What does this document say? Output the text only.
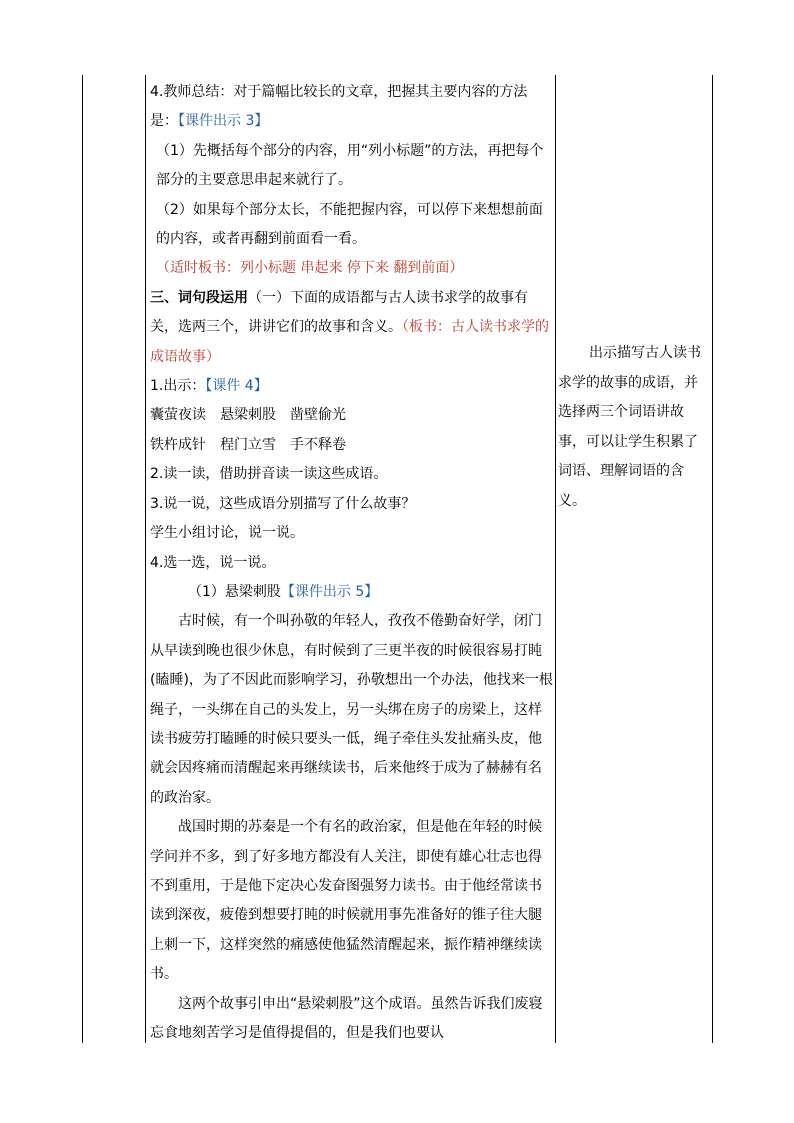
4.教师总结：对于篇幅比较长的文章，把握其主要内容的方法是：【课件出示 3】

（1）先概括每个部分的内容，用“列小标题”的方法，再把每个部分的主要意思串起来就行了。

（2）如果每个部分太长，不能把握内容，可以停下来想想前面的内容，或者再翻到前面看一看。

（适时板书：列小标题 串起来 停下来 翻到前面）

三、词句段运用（一）下面的成语都与古人读书求学的故事有关，选两三个，讲讲它们的故事和含义。（板书：古人读书求学的成语故事）

1.出示：【课件 4】

囊萤夜读　悬梁刺股　凿壁偷光

铁杵成针　程门立雪　手不释卷

2.读一读，借助拼音读一读这些成语。

3.说一说，这些成语分别描写了什么故事？

学生小组讨论，说一说。

4.选一选，说一说。

（1）悬梁刺股【课件出示 5】

古时候，有一个叫孙敬的年轻人，孜孜不倦勤奋好学，闭门从早读到晚也很少休息，有时候到了三更半夜的时候很容易打盹(瞌睡)，为了不因此而影响学习，孙敬想出一个办法，他找来一根绳子，一头绑在自己的头发上，另一头绑在房子的房梁上，这样读书疲劳打瞌睡的时候只要头一低，绳子牵住头发扯痛头皮，他就会因疼痛而清醒起来再继续读书，后来他终于成为了赫赫有名的政治家。

战国时期的苏秦是一个有名的政治家，但是他在年轻的时候学问并不多，到了好多地方都没有人关注，即使有雄心壮志也得不到重用，于是他下定决心发奋图强努力读书。由于他经常读书读到深夜，疲倦到想要打盹的时候就用事先准备好的锥子往大腿上刺一下，这样突然的痛感使他猛然清醒起来，振作精神继续读书。

这两个故事引申出“悬梁刺股”这个成语。虽然告诉我们废寝忘食地刻苦学习是值得提倡的，但是我们也要认

出示描写古人读书求学的故事的成语，并选择两三个词语讲故事，可以让学生积累了词语、理解词语的含义。
